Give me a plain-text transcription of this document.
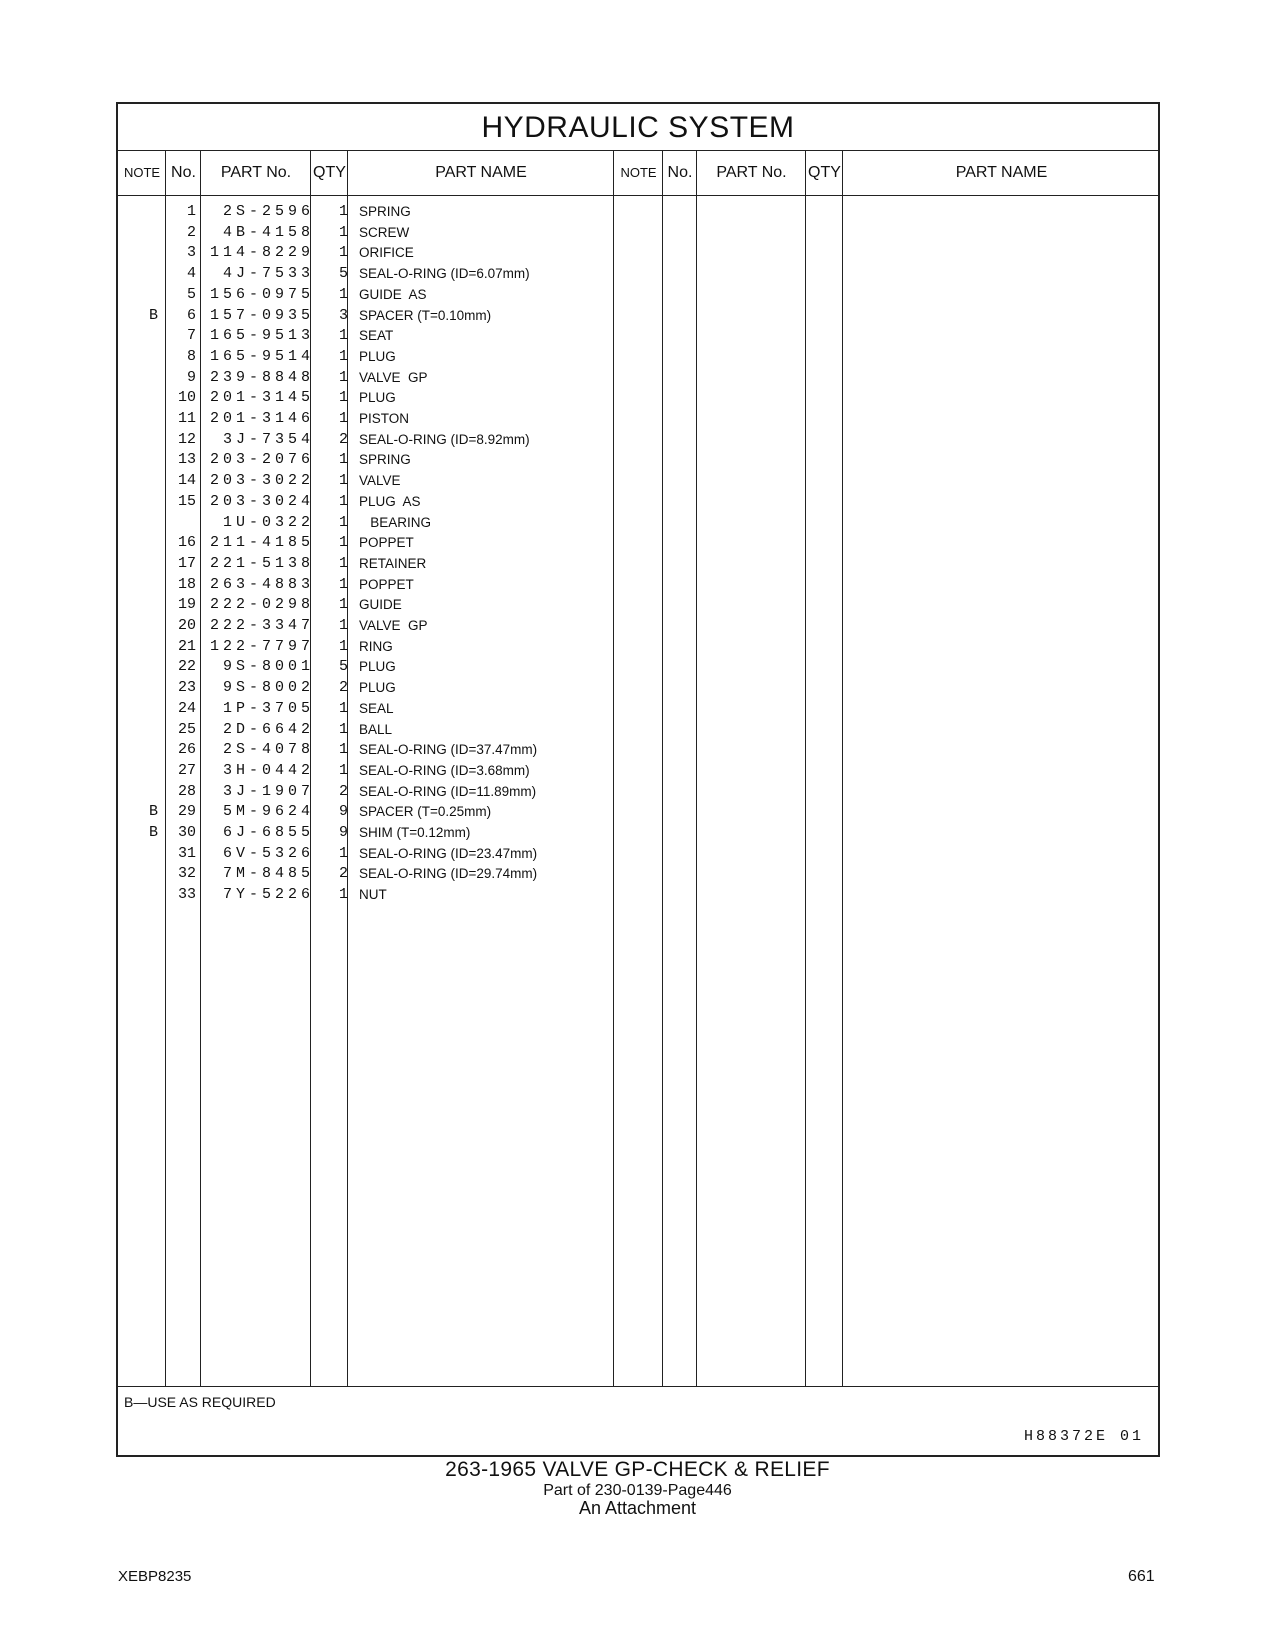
HYDRAULIC SYSTEM
NOTE No.	PART No.	QTY	PART NAME	NOTE No.	PART No.	QTY	PART NAME
1	2S-2596	1 SPRING
2	4B-4158	1 SCREW
3 114-8229	1 ORIFICE
4	4J-7533	5 SEAL-O-RING (ID=6.07mm)
5 156-0975	1 GUIDE  AS
B	6 157-0935	3 SPACER (T=0.10mm)
7 165-9513	1 SEAT
8 165-9514	1 PLUG
9 239-8848	1 VALVE  GP
10 201-3145	1 PLUG
11 201-3146	1 PISTON
12	3J-7354	2 SEAL-O-RING (ID=8.92mm)
13 203-2076	1 SPRING
14 203-3022	1 VALVE
15 203-3024	1 PLUG  AS
1U-0322	1 BEARING
16 211-4185	1 POPPET
17 221-5138	1 RETAINER
18 263-4883	1 POPPET
19 222-0298	1 GUIDE
20 222-3347	1 VALVE  GP
21 122-7797	1 RING
22	9S-8001	5 PLUG
23	9S-8002	2 PLUG
24	1P-3705	1 SEAL
25	2D-6642	1 BALL
26	2S-4078	1 SEAL-O-RING (ID=37.47mm)
27	3H-0442	1 SEAL-O-RING (ID=3.68mm)
28	3J-1907	2 SEAL-O-RING (ID=11.89mm)
B	29	5M-9624	9 SPACER (T=0.25mm)
B	30	6J-6855	9 SHIM (T=0.12mm)
31	6V-5326	1 SEAL-O-RING (ID=23.47mm)
32	7M-8485	2 SEAL-O-RING (ID=29.74mm)
33	7Y-5226	1 NUT
B—USE AS REQUIRED
H88372E 01
263-1965 VALVE GP-CHECK & RELIEF
Part of 230-0139-Page446
An Attachment
XEBP8235	661
